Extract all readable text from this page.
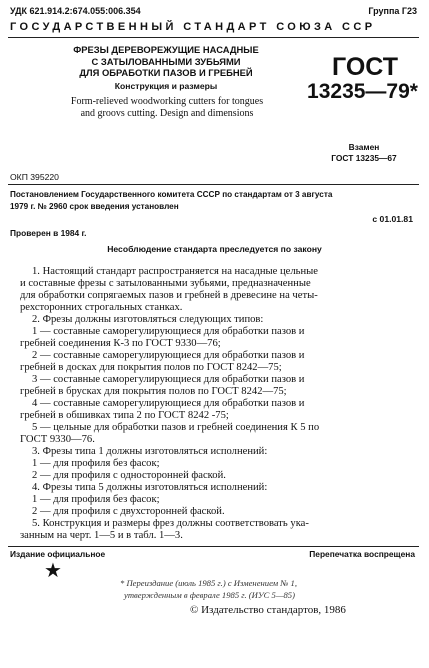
УДК 621.914.2:674.055:006.354	Группа Г23
ГОСУДАРСТВЕННЫЙ СТАНДАРТ СОЮЗА ССР
ФРЕЗЫ ДЕРЕВОРЕЖУЩИЕ НАСАДНЫЕ
С ЗАТЫЛОВАННЫМИ ЗУБЬЯМИ
ДЛЯ ОБРАБОТКИ ПАЗОВ И ГРЕБНЕЙ
Конструкция и размеры
Form-relieved woodworking cutters for tongues
and groovs cutting. Design and dimensions
ГОСТ
13235—79*
Взамен
ГОСТ 13235—67
ОКП 395220
Постановлением Государственного комитета СССР по стандартам от 3 августа
1979 г. № 2960 срок введения установлен
с 01.01.81
Проверен в 1984 г.
Несоблюдение стандарта преследуется по закону
1. Настоящий стандарт распространяется на насадные цельные
и составные фрезы с затылованными зубьями, предназначенные
для обработки сопрягаемых пазов и гребней в древесине на четы-
рехсторонних строгальных станках.
2. Фрезы должны изготовляться следующих типов:
1 — составные саморегулирующиеся для обработки пазов и
гребней соединения К-3 по ГОСТ 9330—76;
2 — составные саморегулирующиеся для обработки пазов и
гребней в досках для покрытия полов по ГОСТ 8242—75;
3 — составные саморегулирующиеся для обработки пазов и
гребней в брусках для покрытия полов по ГОСТ 8242—75;
4 — составные саморегулирующиеся для обработки пазов и
гребней в обшивках типа 2 по ГОСТ 8242 -75;
5 — цельные для обработки пазов и гребней соединения К 5 по
ГОСТ 9330—76.
3. Фрезы типа 1 должны изготовляться исполнений:
1 — для профиля без фасок;
2 — для профиля с односторонней фаской.
4. Фрезы типа 5 должны изготовляться исполнений:
1 — для профиля без фасок;
2 — для профиля с двухсторонней фаской.
5. Конструкция и размеры фрез должны соответствовать ука-
занным на черт. 1—5 и в табл. 1—3.
Издание официальное	Перепечатка воспрещена
★
* Переиздание (июль 1985 г.) с Изменением № 1,
утвержденным в феврале 1985 г. (ИУС 5—85)
© Издательство стандартов, 1986
